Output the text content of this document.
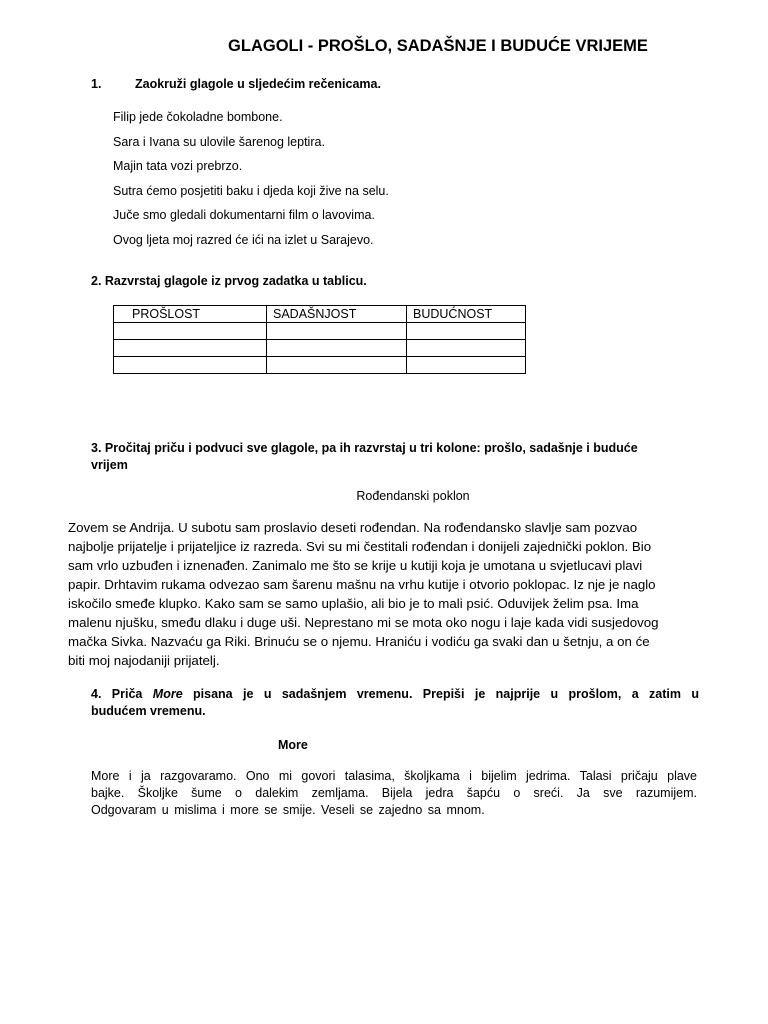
GLAGOLI - PROŠLO, SADAŠNJE I BUDUĆE VRIJEME
1.	Zaokruži glagole u sljedećim rečenicama.
Filip jede čokoladne bombone.
Sara i Ivana su ulovile šarenog leptira.
Majin tata vozi prebrzo.
Sutra ćemo posjetiti baku i djeda koji žive na selu.
Juče smo gledali dokumentarni film o lavovima.
Ovog ljeta moj razred će ići na izlet u Sarajevo.
2. Razvrstaj glagole iz prvog zadatka u tablicu.
PROŠLOST	SADAŠNJOST	BUDUĆNOST

3. Pročitaj priču i podvuci sve glagole, pa ih razvrstaj u tri kolone: prošlo, sadašnje i buduće
vrijem
Rođendanski poklon
Zovem se Andrija. U subotu sam proslavio deseti rođendan. Na rođendansko slavlje sam pozvao
najbolje prijatelje i prijateljice iz razreda. Svi su mi čestitali rođendan i donijeli zajednički poklon. Bio
sam vrlo uzbuđen i iznenađen. Zanimalo me što se krije u kutiji koja je umotana u svjetlucavi plavi
papir. Drhtavim rukama odvezao sam šarenu mašnu na vrhu kutije i otvorio poklopac. Iz nje je naglo
iskočilo smeđe klupko. Kako sam se samo uplašio, ali bio je to mali psić. Oduvijek želim psa. Ima
malenu njušku, smeđu dlaku i duge uši. Neprestano mi se mota oko nogu i laje kada vidi susjedovog
mačka Sivka. Nazvaću ga Riki. Brinuću se o njemu. Hraniću i vodiću ga svaki dan u šetnju, a on će
biti moj najodaniji prijatelj.
4. Priča More pisana je u sadašnjem vremenu. Prepiši je najprije u prošlom, a zatim u
budućem vremenu.
More
More i ja razgovaramo. Ono mi govori talasima, školjkama i bijelim jedrima. Talasi pričaju plave
bajke. Školjke šume o dalekim zemljama. Bijela jedra šapću o sreći. Ja sve razumijem.
Odgovaram u mislima i more se smije. Veseli se zajedno sa mnom.
